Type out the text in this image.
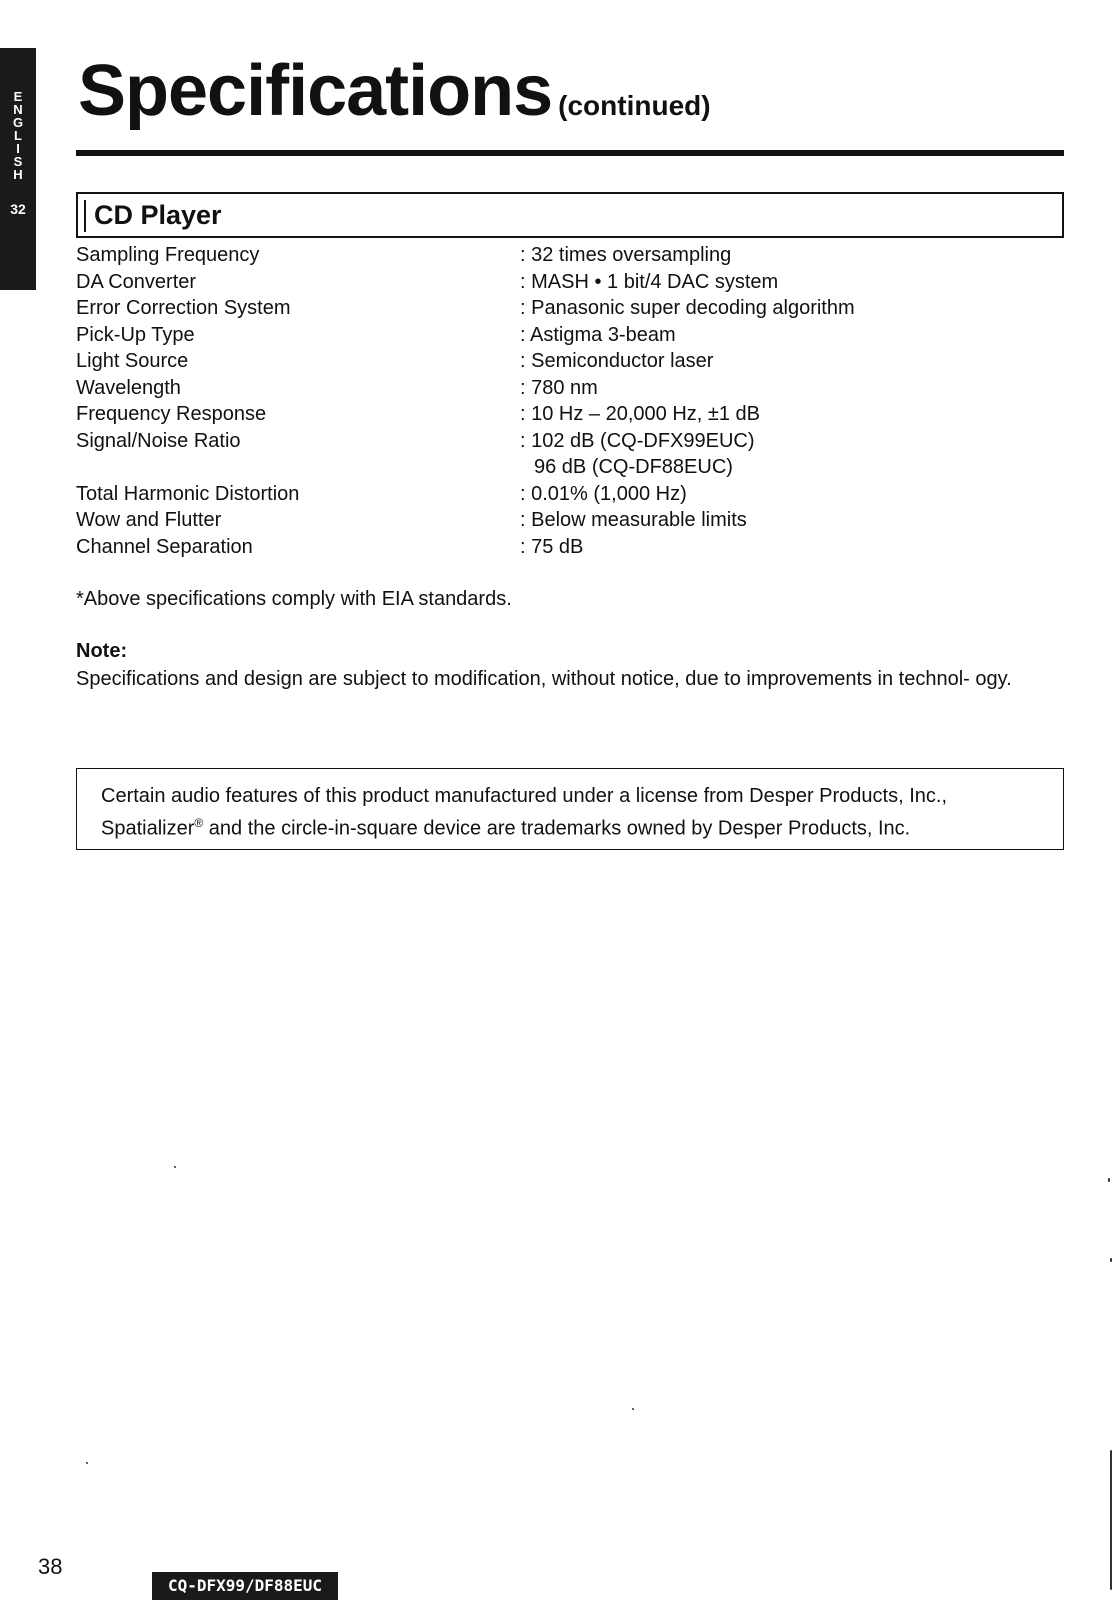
E
N
G
L
I
S
H
32
Specifications (continued)
CD Player
Sampling Frequency	: 32 times oversampling
DA Converter	: MASH • 1 bit/4 DAC system
Error Correction System	: Panasonic super decoding algorithm
Pick-Up Type	: Astigma 3-beam
Light Source	: Semiconductor laser
Wavelength	: 780 nm
Frequency Response	: 10 Hz – 20,000 Hz, ±1 dB
Signal/Noise Ratio	: 102 dB (CQ-DFX99EUC)
96 dB (CQ-DF88EUC)
Total Harmonic Distortion	: 0.01% (1,000 Hz)
Wow and Flutter	: Below measurable limits
Channel Separation	: 75 dB
*Above specifications comply with EIA standards.
Note:
Specifications and design are subject to modification, without notice, due to improvements in technol- ogy.
Certain audio features of this product manufactured under a license from Desper Products, Inc.,
Spatializer® and the circle-in-square device are trademarks owned by Desper Products, Inc.
38
CQ-DFX99/DF88EUC
